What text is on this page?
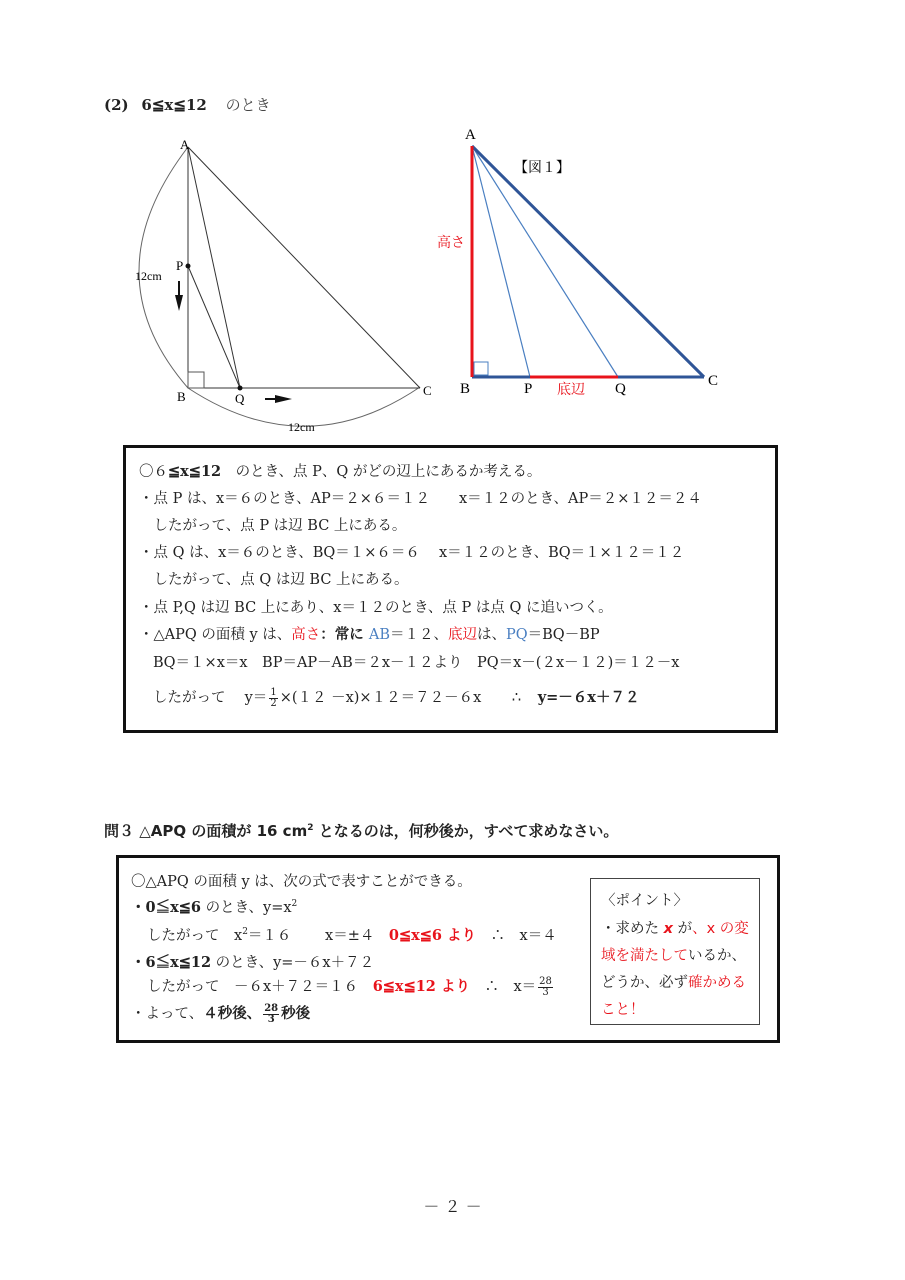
(2) 6≦x≦12 のとき
A
B	C
P
Q
12cm
12cm
A
【図１】
高さ
B	P 底辺 Q	C
〇６≦x≦12　のとき、点 P、Q がどの辺上にあるか考える。
・点 P は、x＝６のとき、AP＝２×６＝１２　　x＝１２のとき、AP＝２×１２＝２４
　したがって、点 P は辺 BC 上にある。
・点 Q は、x＝６のとき、BQ＝１×６＝６　 x＝１２のとき、BQ＝１×１２＝１２
　したがって、点 Q は辺 BC 上にある。
・点 P,Q は辺 BC 上にあり、x＝１２のとき、点 P は点 Q に追いつく。
・△APQ の面積 y は、高さ：常に AB＝１２、底辺は、PQ＝BQ－BP
BQ＝１×x＝x　BP＝AP－AB＝２x－１２より　PQ＝x－(２x－１２)＝１２－x
したがって　 $y= \frac{1}{2} \times(12 -x)\times 12=72-6x$ ∴ y=－６x＋７２
問３ △APQ の面積が 16 $cm^2$ となるのは，何秒後か，すべて求めなさい。
〇△APQ の面積 y は、次の式で表すことができる。
・0≦x≦6 のとき、$y=x^2$
したがって　$x^2=16$　　 x＝±４　0≦x≦6 より　∴　x＝４
・6≦x≦12 のとき、y=－６x＋７２
したがって　－６x＋７２＝１６　6≦x≦12 より　∴　$x= \frac{28}{3}$
・よって、４秒後、 $\frac{28}{3}$ 秒後
〈ポイント〉
・求めた x が、x の変
域を満たしているか、
どうか、必ず確かめる
こと！
－ ２ －
